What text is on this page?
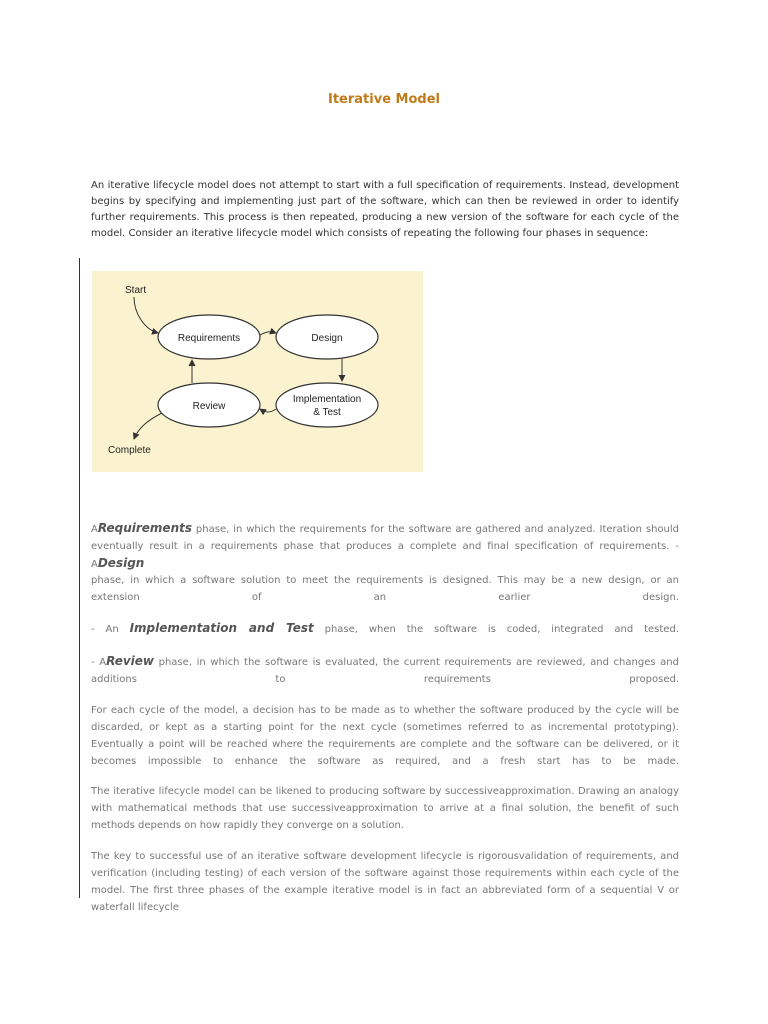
Iterative Model
An iterative lifecycle model does not attempt to start with a full specification of requirements. Instead, development begins by specifying and implementing just part of the software, which can then be reviewed in order to identify further requirements. This process is then repeated, producing a new version of the software for each cycle of the model. Consider an iterative lifecycle model which consists of repeating the following four phases in sequence:
Start
Requirements	Design
Review
Implementation
& Test
Complete
ARequirements phase, in which the requirements for the software are gathered and analyzed. Iteration should eventually result in a requirements phase that produces a complete and final specification of requirements. - ADesign
phase, in which a software solution to meet the requirements is designed. This may be a new design, or an extension of an earlier design.
- An Implementation and Test phase, when the software is coded, integrated and tested.
- AReview phase, in which the software is evaluated, the current requirements are reviewed, and changes and additions to requirements proposed.
For each cycle of the model, a decision has to be made as to whether the software produced by the cycle will be discarded, or kept as a starting point for the next cycle (sometimes referred to as incremental prototyping). Eventually a point will be reached where the requirements are complete and the software can be delivered, or it becomes impossible to enhance the software as required, and a fresh start has to be made.
The iterative lifecycle model can be likened to producing software by successiveapproximation. Drawing an analogy with mathematical methods that use successiveapproximation to arrive at a final solution, the benefit of such methods depends on how rapidly they converge on a solution.
The key to successful use of an iterative software development lifecycle is rigorousvalidation of requirements, and verification (including testing) of each version of the software against those requirements within each cycle of the model. The first three phases of the example iterative model is in fact an abbreviated form of a sequential V or waterfall lifecycle
